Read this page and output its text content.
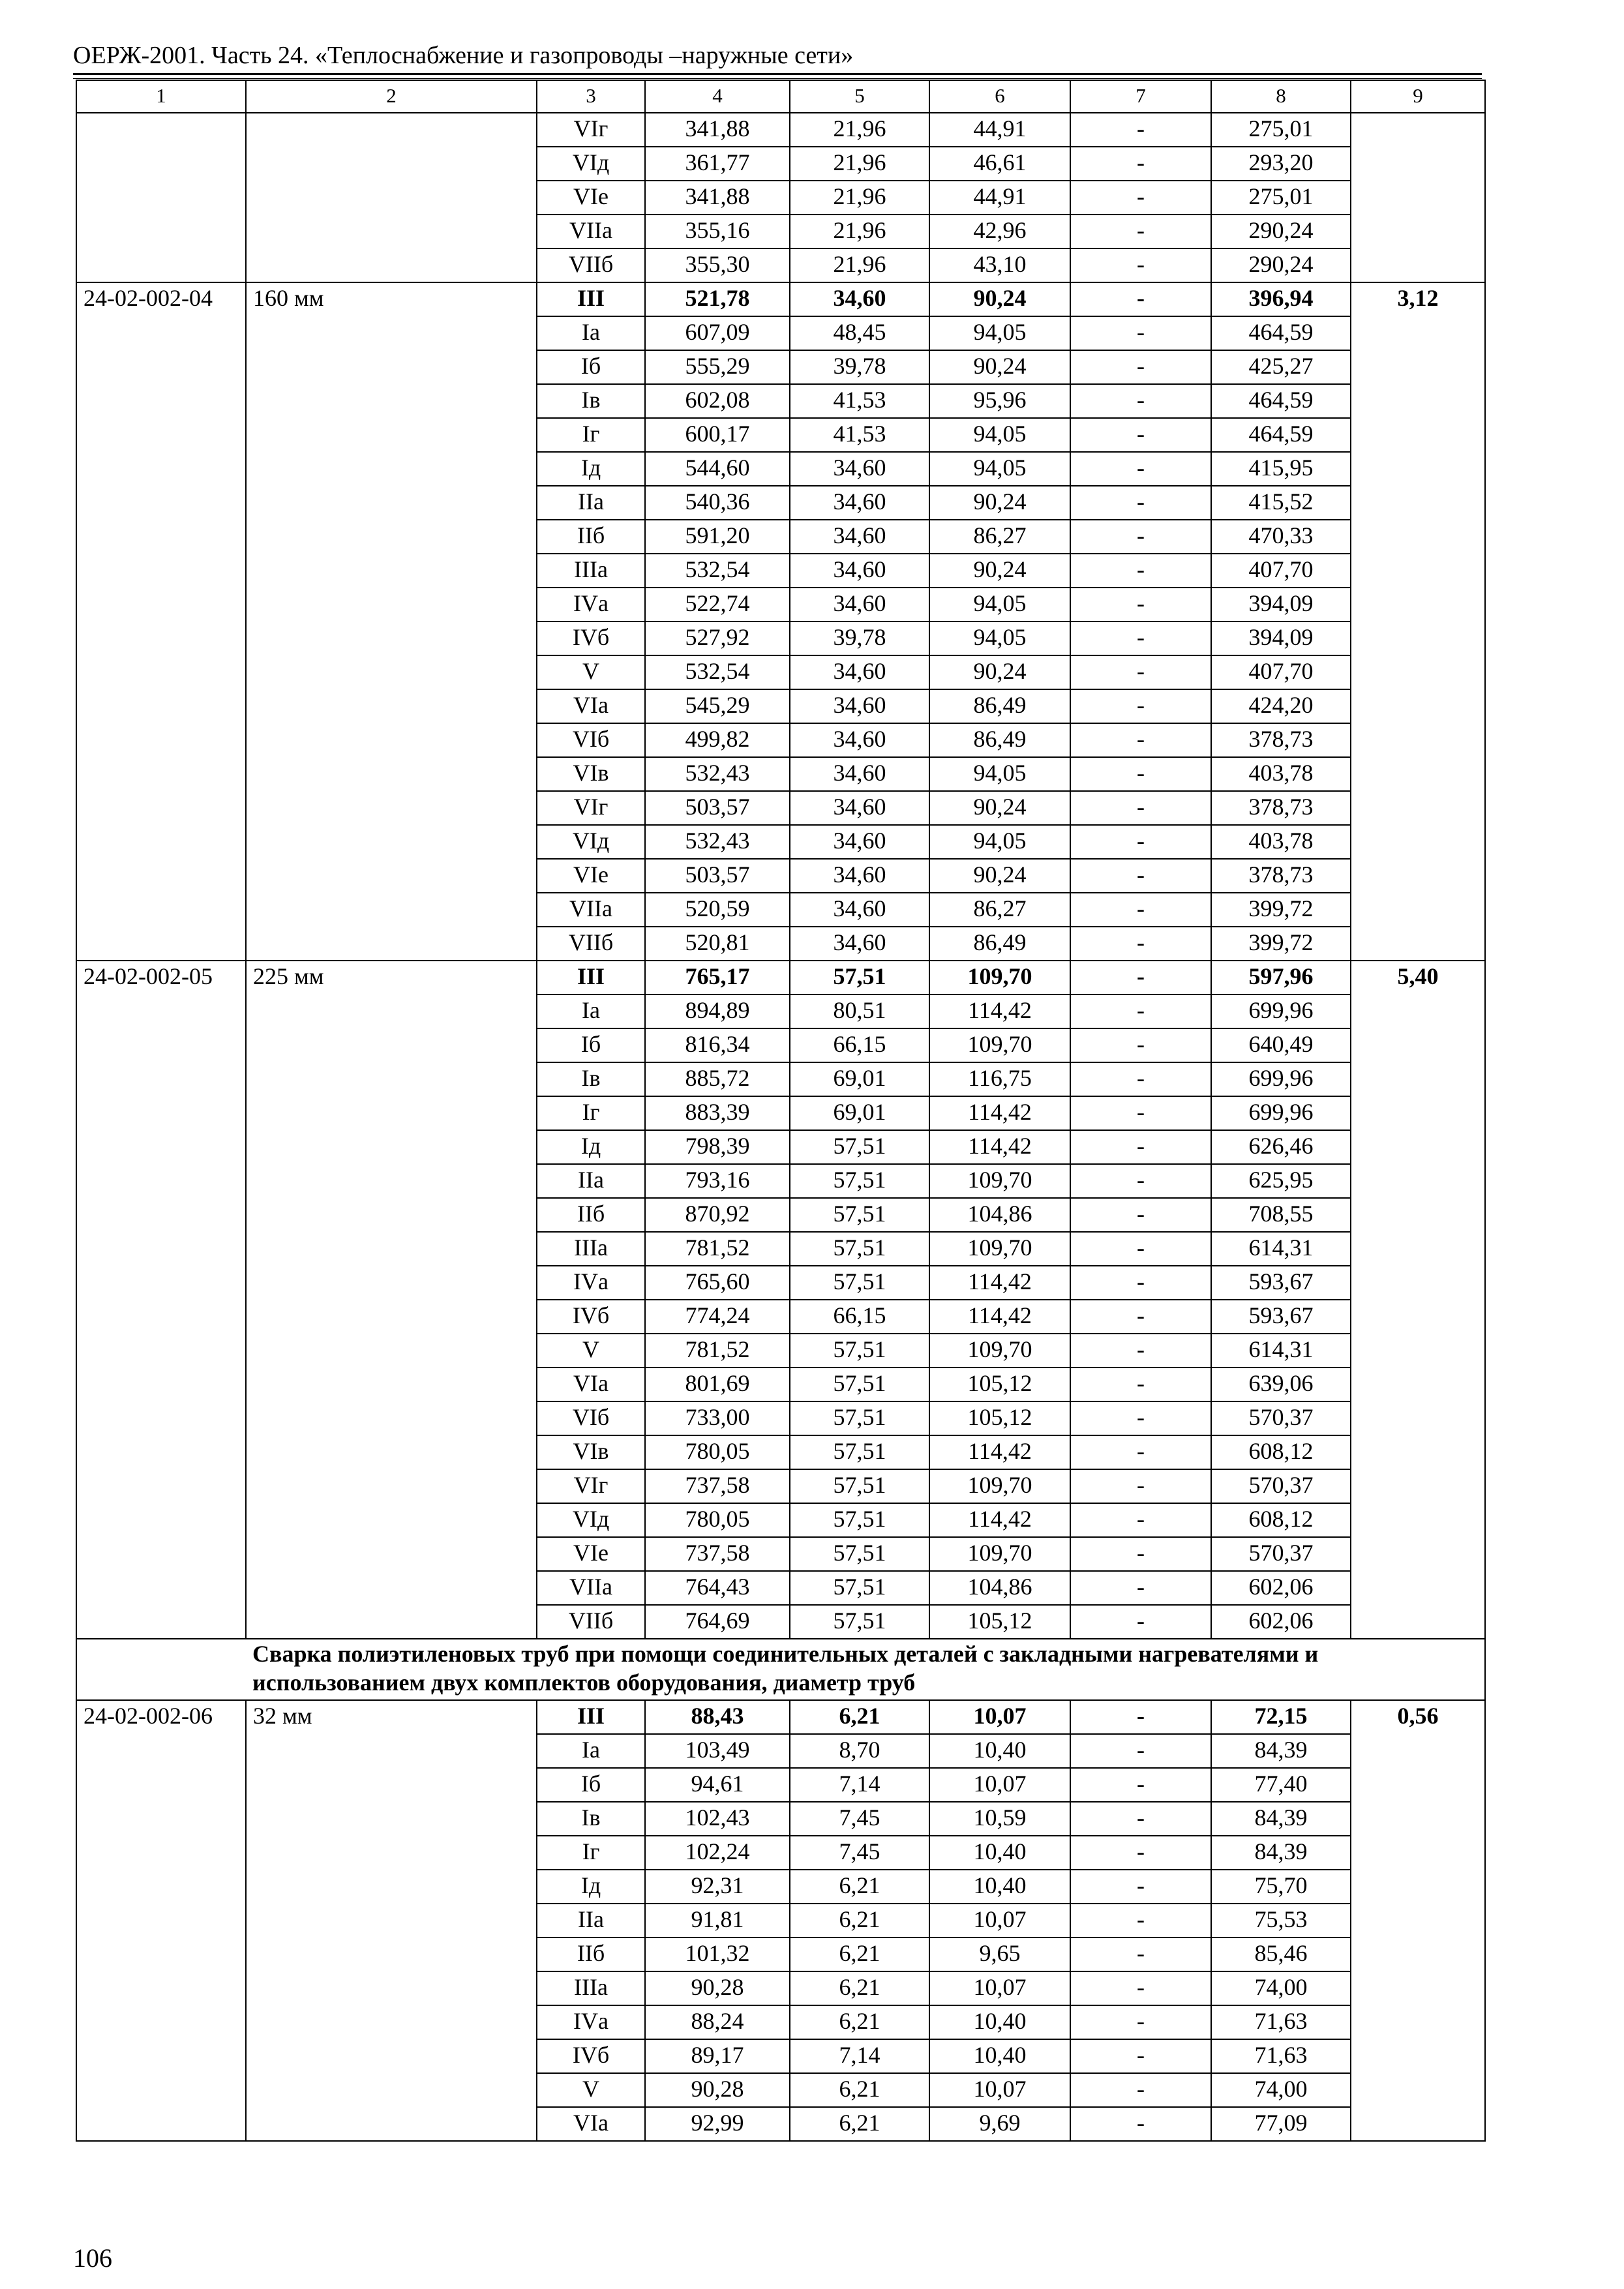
ОЕРЖ-2001. Часть 24. «Теплоснабжение и газопроводы –наружные сети»
1	2	3	4	5	6	7	8	9
		VIг	341,88	21,96	44,91	-	275,01	
		VIд	361,77	21,96	46,61	-	293,20	
		VIе	341,88	21,96	44,91	-	275,01	
		VIIа	355,16	21,96	42,96	-	290,24	
		VIIб	355,30	21,96	43,10	-	290,24	
24-02-002-04	160 мм	III	521,78	34,60	90,24	-	396,94	3,12
		Iа	607,09	48,45	94,05	-	464,59	
		Iб	555,29	39,78	90,24	-	425,27	
		Iв	602,08	41,53	95,96	-	464,59	
		Iг	600,17	41,53	94,05	-	464,59	
		Iд	544,60	34,60	94,05	-	415,95	
		IIа	540,36	34,60	90,24	-	415,52	
		IIб	591,20	34,60	86,27	-	470,33	
		IIIа	532,54	34,60	90,24	-	407,70	
		IVа	522,74	34,60	94,05	-	394,09	
		IVб	527,92	39,78	94,05	-	394,09	
		V	532,54	34,60	90,24	-	407,70	
		VIа	545,29	34,60	86,49	-	424,20	
		VIб	499,82	34,60	86,49	-	378,73	
		VIв	532,43	34,60	94,05	-	403,78	
		VIг	503,57	34,60	90,24	-	378,73	
		VIд	532,43	34,60	94,05	-	403,78	
		VIе	503,57	34,60	90,24	-	378,73	
		VIIа	520,59	34,60	86,27	-	399,72	
		VIIб	520,81	34,60	86,49	-	399,72	
24-02-002-05	225 мм	III	765,17	57,51	109,70	-	597,96	5,40
		Iа	894,89	80,51	114,42	-	699,96	
		Iб	816,34	66,15	109,70	-	640,49	
		Iв	885,72	69,01	116,75	-	699,96	
		Iг	883,39	69,01	114,42	-	699,96	
		Iд	798,39	57,51	114,42	-	626,46	
		IIа	793,16	57,51	109,70	-	625,95	
		IIб	870,92	57,51	104,86	-	708,55	
		IIIа	781,52	57,51	109,70	-	614,31	
		IVа	765,60	57,51	114,42	-	593,67	
		IVб	774,24	66,15	114,42	-	593,67	
		V	781,52	57,51	109,70	-	614,31	
		VIа	801,69	57,51	105,12	-	639,06	
		VIб	733,00	57,51	105,12	-	570,37	
		VIв	780,05	57,51	114,42	-	608,12	
		VIг	737,58	57,51	109,70	-	570,37	
		VIд	780,05	57,51	114,42	-	608,12	
		VIе	737,58	57,51	109,70	-	570,37	
		VIIа	764,43	57,51	104,86	-	602,06	
		VIIб	764,69	57,51	105,12	-	602,06	
	Сварка полиэтиленовых труб при помощи соединительных деталей с закладными нагревателями и использованием двух комплектов оборудования, диаметр труб							
24-02-002-06	32 мм	III	88,43	6,21	10,07	-	72,15	0,56
		Iа	103,49	8,70	10,40	-	84,39	
		Iб	94,61	7,14	10,07	-	77,40	
		Iв	102,43	7,45	10,59	-	84,39	
		Iг	102,24	7,45	10,40	-	84,39	
		Iд	92,31	6,21	10,40	-	75,70	
		IIа	91,81	6,21	10,07	-	75,53	
		IIб	101,32	6,21	9,65	-	85,46	
		IIIа	90,28	6,21	10,07	-	74,00	
		IVа	88,24	6,21	10,40	-	71,63	
		IVб	89,17	7,14	10,40	-	71,63	
		V	90,28	6,21	10,07	-	74,00	
		VIа	92,99	6,21	9,69	-	77,09	
106
